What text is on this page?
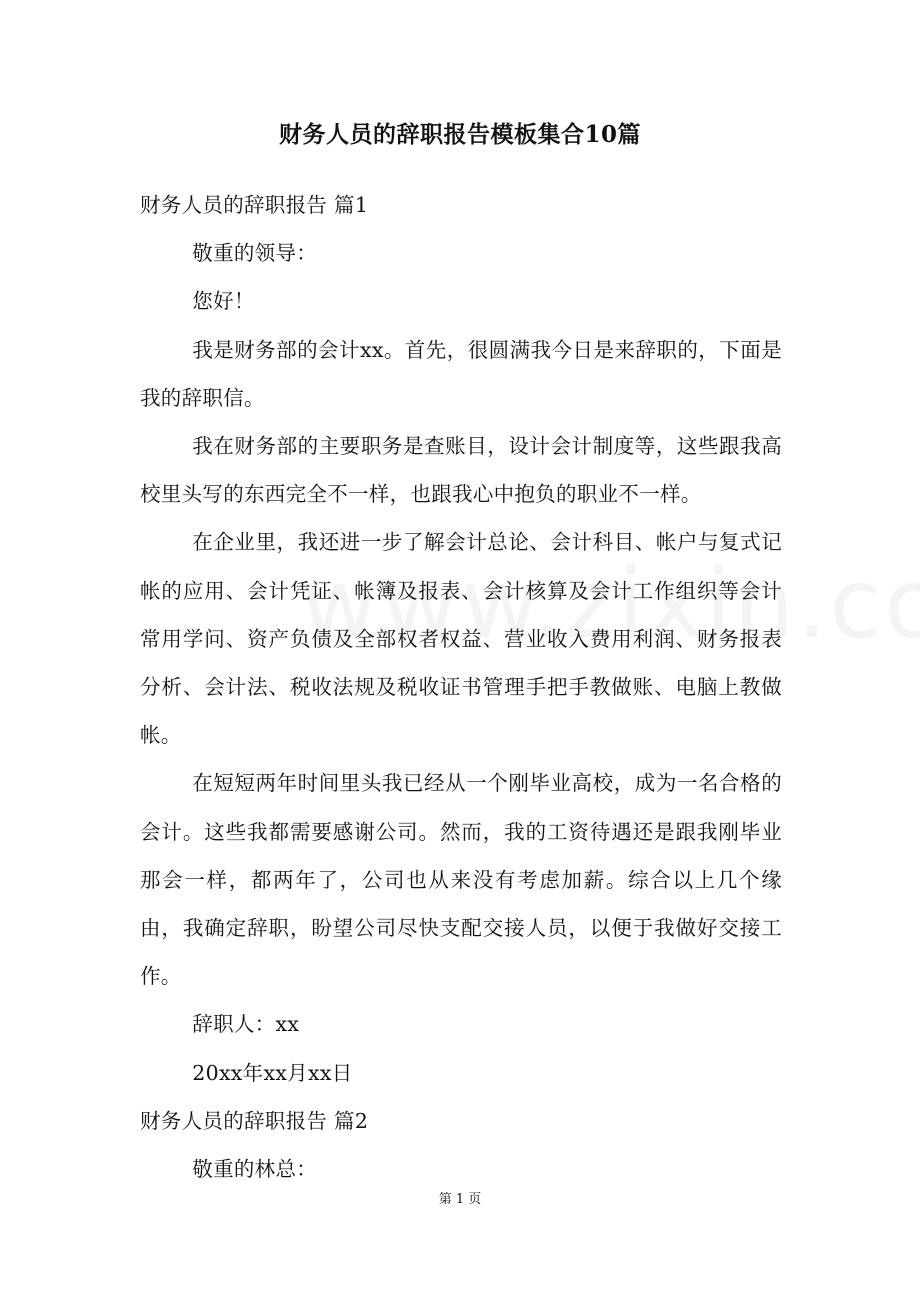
财务人员的辞职报告模板集合10篇

财务人员的辞职报告 篇1

敬重的领导：

您好！

我是财务部的会计xx。首先，很圆满我今日是来辞职的，下面是我的辞职信。

我在财务部的主要职务是查账目，设计会计制度等，这些跟我高校里头写的东西完全不一样，也跟我心中抱负的职业不一样。

在企业里，我还进一步了解会计总论、会计科目、帐户与复式记帐的应用、会计凭证、帐簿及报表、会计核算及会计工作组织等会计常用学问、资产负债及全部权者权益、营业收入费用利润、财务报表分析、会计法、税收法规及税收证书管理手把手教做账、电脑上教做帐。

在短短两年时间里头我已经从一个刚毕业高校，成为一名合格的会计。这些我都需要感谢公司。然而，我的工资待遇还是跟我刚毕业那会一样，都两年了，公司也从来没有考虑加薪。综合以上几个缘由，我确定辞职，盼望公司尽快支配交接人员，以便于我做好交接工作。

辞职人：xx

20xx年xx月xx日

财务人员的辞职报告 篇2

敬重的林总：

第 1 页
